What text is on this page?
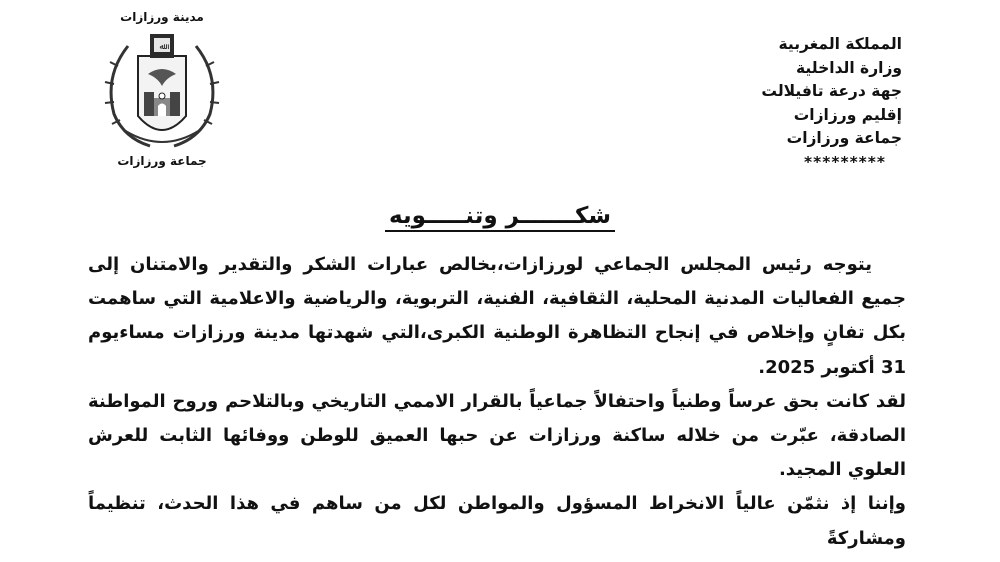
مدينة ورزازات
ﷲ
جماعة ورزازات
المملكة المغربية
وزارة الداخلية
جهة درعة تافيلالت
إقليم ورزازات
جماعة ورزازات
*********
شكـــــــر وتنـــــويه

يتوجه رئيس المجلس الجماعي لورزازات،بخالص عبارات الشكر والتقدير والامتنان إلى جميع الفعاليات المدنية المحلية، الثقافية، الفنية، التربوية، والرياضية والاعلامية التي ساهمت بكل تفانٍ وإخلاص في إنجاح التظاهرة الوطنية الكبرى،التي شهدتها مدينة ورزازات مساءيوم 31 أكتوبر 2025.

لقد كانت بحق عرساً وطنياً واحتفالاً جماعياً بالقرار الاممي التاريخي وبالتلاحم وروح المواطنة الصادقة، عبّرت من خلاله ساكنة ورزازات عن حبها العميق للوطن ووفائها الثابت للعرش العلوي المجيد.

وإننا إذ نثمّن عالياً الانخراط المسؤول والمواطن لكل من ساهم في هذا الحدث، تنظيماً ومشاركةً
